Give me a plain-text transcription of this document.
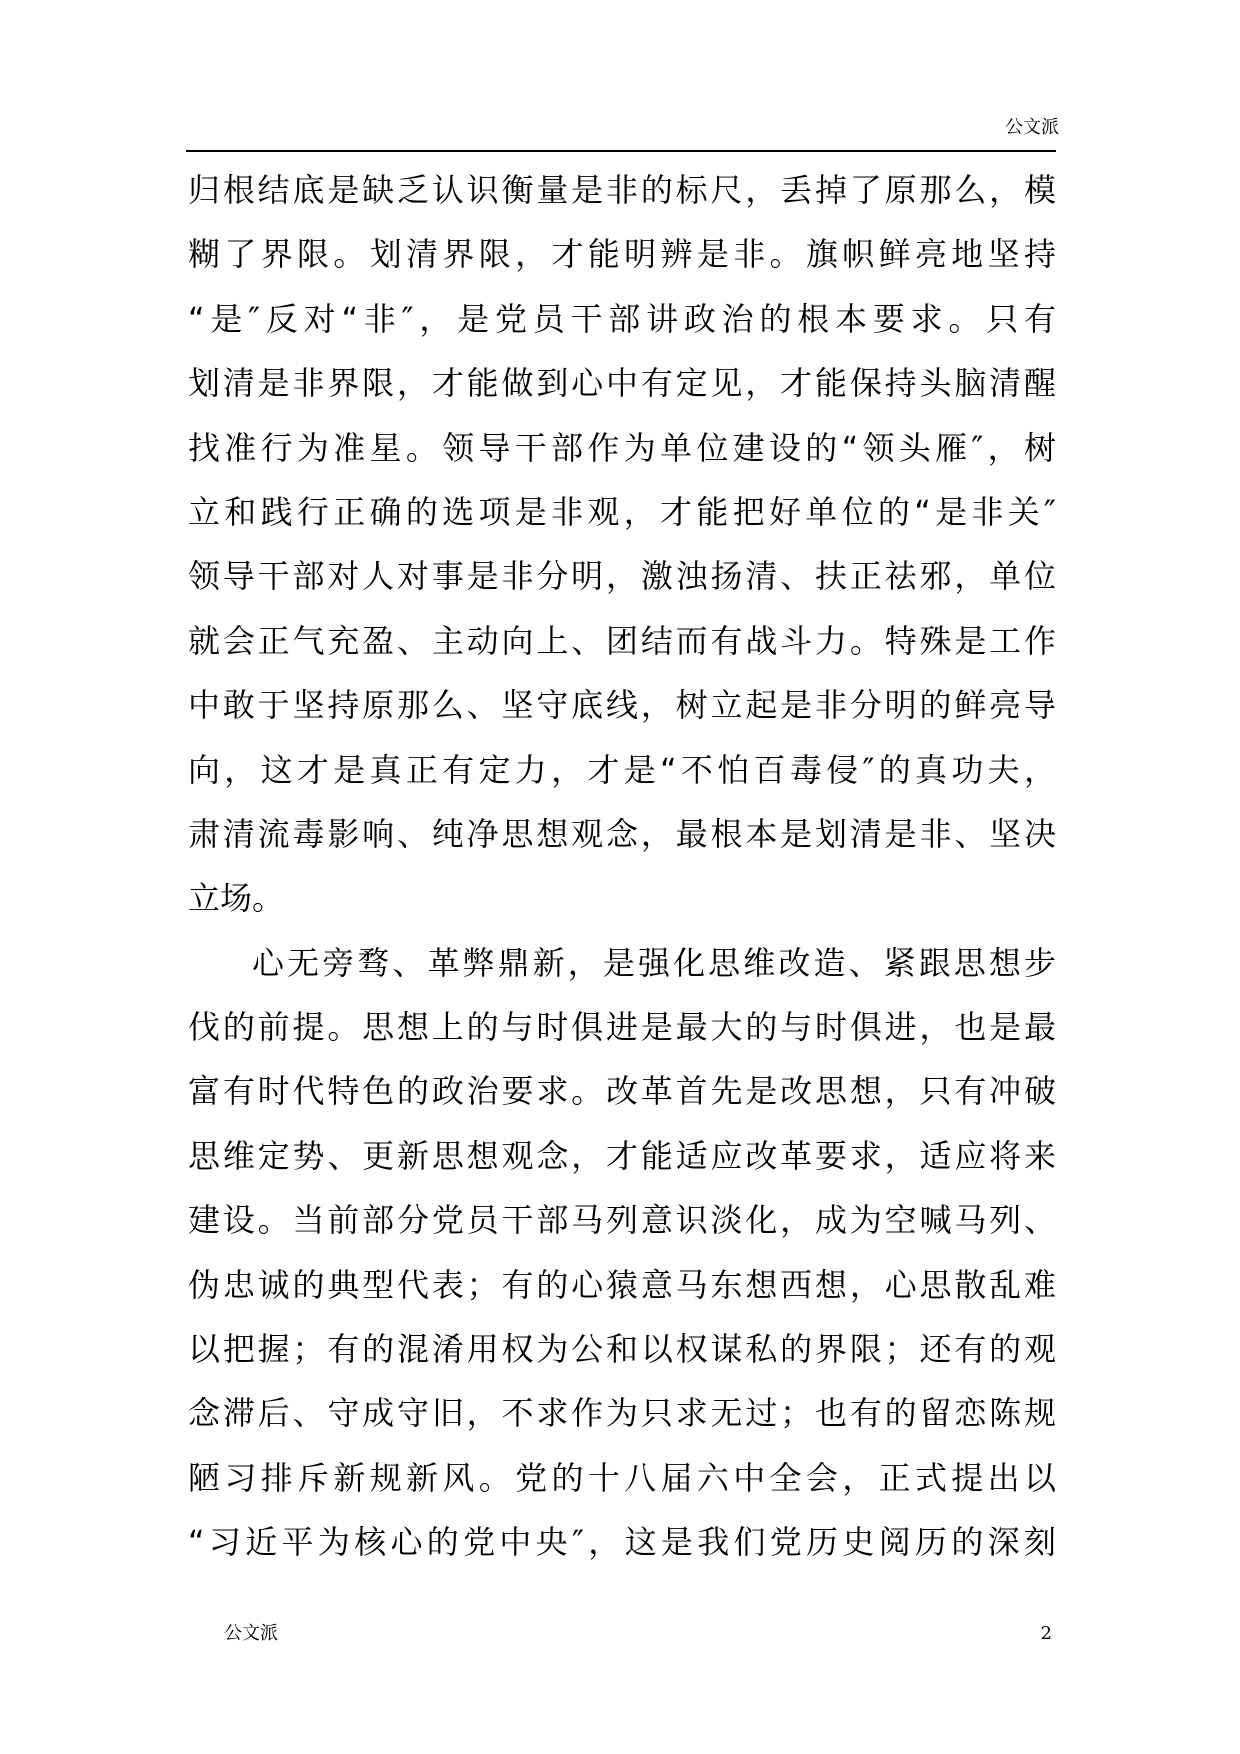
公文派
归根结底是缺乏认识衡量是非的标尺，丢掉了原那么，模
糊了界限。划清界限，才能明辨是非。旗帜鲜亮地坚持
“是″反对“非″，是党员干部讲政治的根本要求。只有
划清是非界限，才能做到心中有定见，才能保持头脑清醒
找准行为准星。领导干部作为单位建设的“领头雁″，树
立和践行正确的选项是非观，才能把好单位的“是非关″
领导干部对人对事是非分明，激浊扬清、扶正祛邪，单位
就会正气充盈、主动向上、团结而有战斗力。特殊是工作
中敢于坚持原那么、坚守底线，树立起是非分明的鲜亮导
向，这才是真正有定力，才是“不怕百毒侵″的真功夫，
肃清流毒影响、纯净思想观念，最根本是划清是非、坚决
立场。
心无旁骛、革弊鼎新，是强化思维改造、紧跟思想步
伐的前提。思想上的与时俱进是最大的与时俱进，也是最
富有时代特色的政治要求。改革首先是改思想，只有冲破
思维定势、更新思想观念，才能适应改革要求，适应将来
建设。当前部分党员干部马列意识淡化，成为空喊马列、
伪忠诚的典型代表；有的心猿意马东想西想，心思散乱难
以把握；有的混淆用权为公和以权谋私的界限；还有的观
念滞后、守成守旧，不求作为只求无过；也有的留恋陈规
陋习排斥新规新风。党的十八届六中全会，正式提出以
“习近平为核心的党中央″，这是我们党历史阅历的深刻
公文派	2
